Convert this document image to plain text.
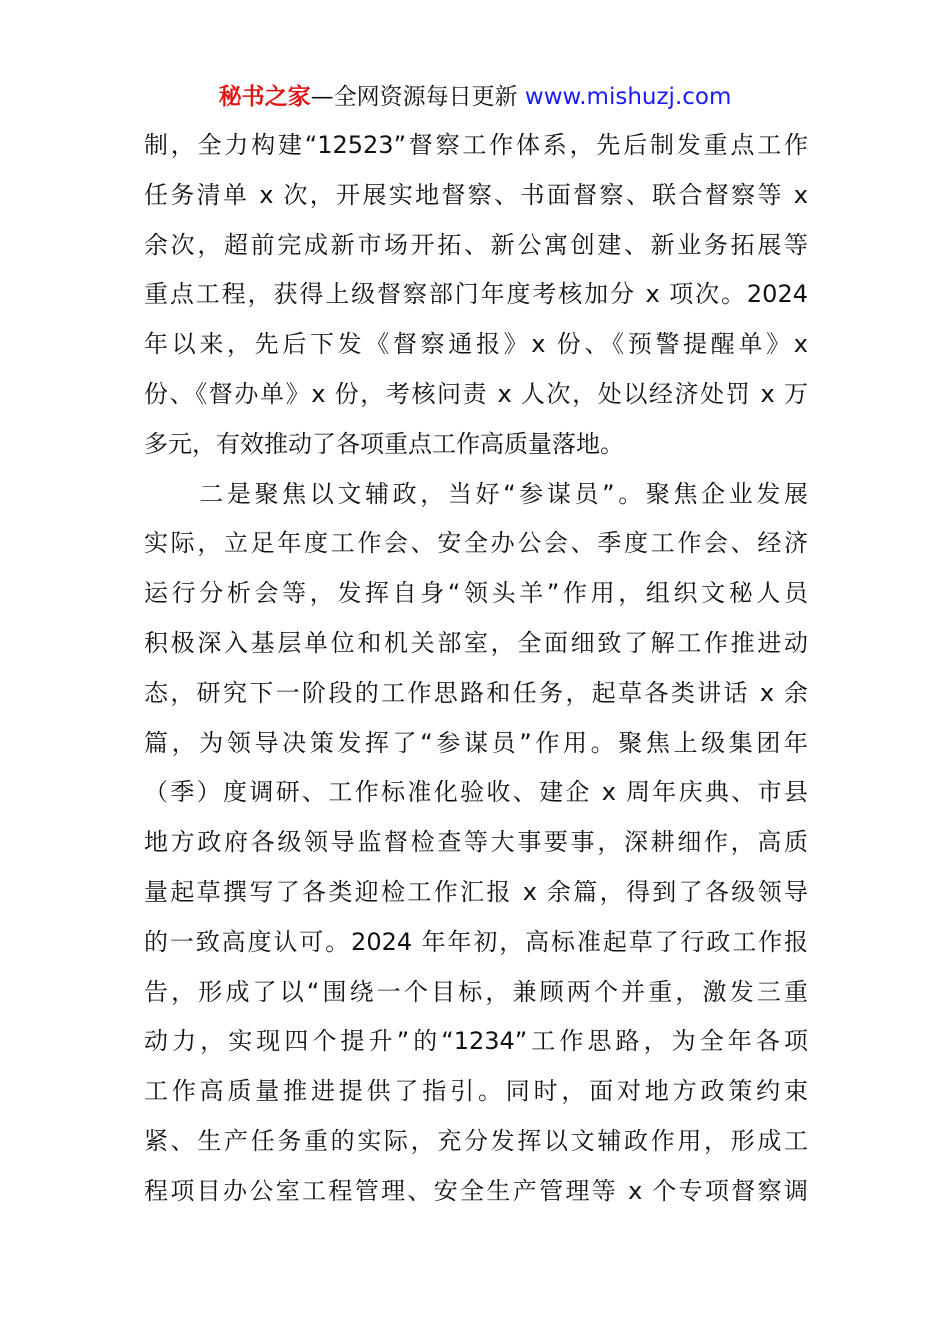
秘书之家—全网资源每日更新 www.mishuzj.com
制，全力构建“12523”督察工作体系，先后制发重点工作
任务清单 x 次，开展实地督察、书面督察、联合督察等 x
余次，超前完成新市场开拓、新公寓创建、新业务拓展等
重点工程，获得上级督察部门年度考核加分 x 项次。2024
年以来，先后下发《督察通报》x 份、《预警提醒单》x
份、《督办单》x 份，考核问责 x 人次，处以经济处罚 x 万
多元，有效推动了各项重点工作高质量落地。
　　二是聚焦以文辅政，当好“参谋员”。聚焦企业发展
实际，立足年度工作会、安全办公会、季度工作会、经济
运行分析会等，发挥自身“领头羊”作用，组织文秘人员
积极深入基层单位和机关部室，全面细致了解工作推进动
态，研究下一阶段的工作思路和任务，起草各类讲话 x 余
篇，为领导决策发挥了“参谋员”作用。聚焦上级集团年
（季）度调研、工作标准化验收、建企 x 周年庆典、市县
地方政府各级领导监督检查等大事要事，深耕细作，高质
量起草撰写了各类迎检工作汇报 x 余篇，得到了各级领导
的一致高度认可。2024 年年初，高标准起草了行政工作报
告，形成了以“围绕一个目标，兼顾两个并重，激发三重
动力，实现四个提升”的“1234”工作思路，为全年各项
工作高质量推进提供了指引。同时，面对地方政策约束
紧、生产任务重的实际，充分发挥以文辅政作用，形成工
程项目办公室工程管理、安全生产管理等 x 个专项督察调
